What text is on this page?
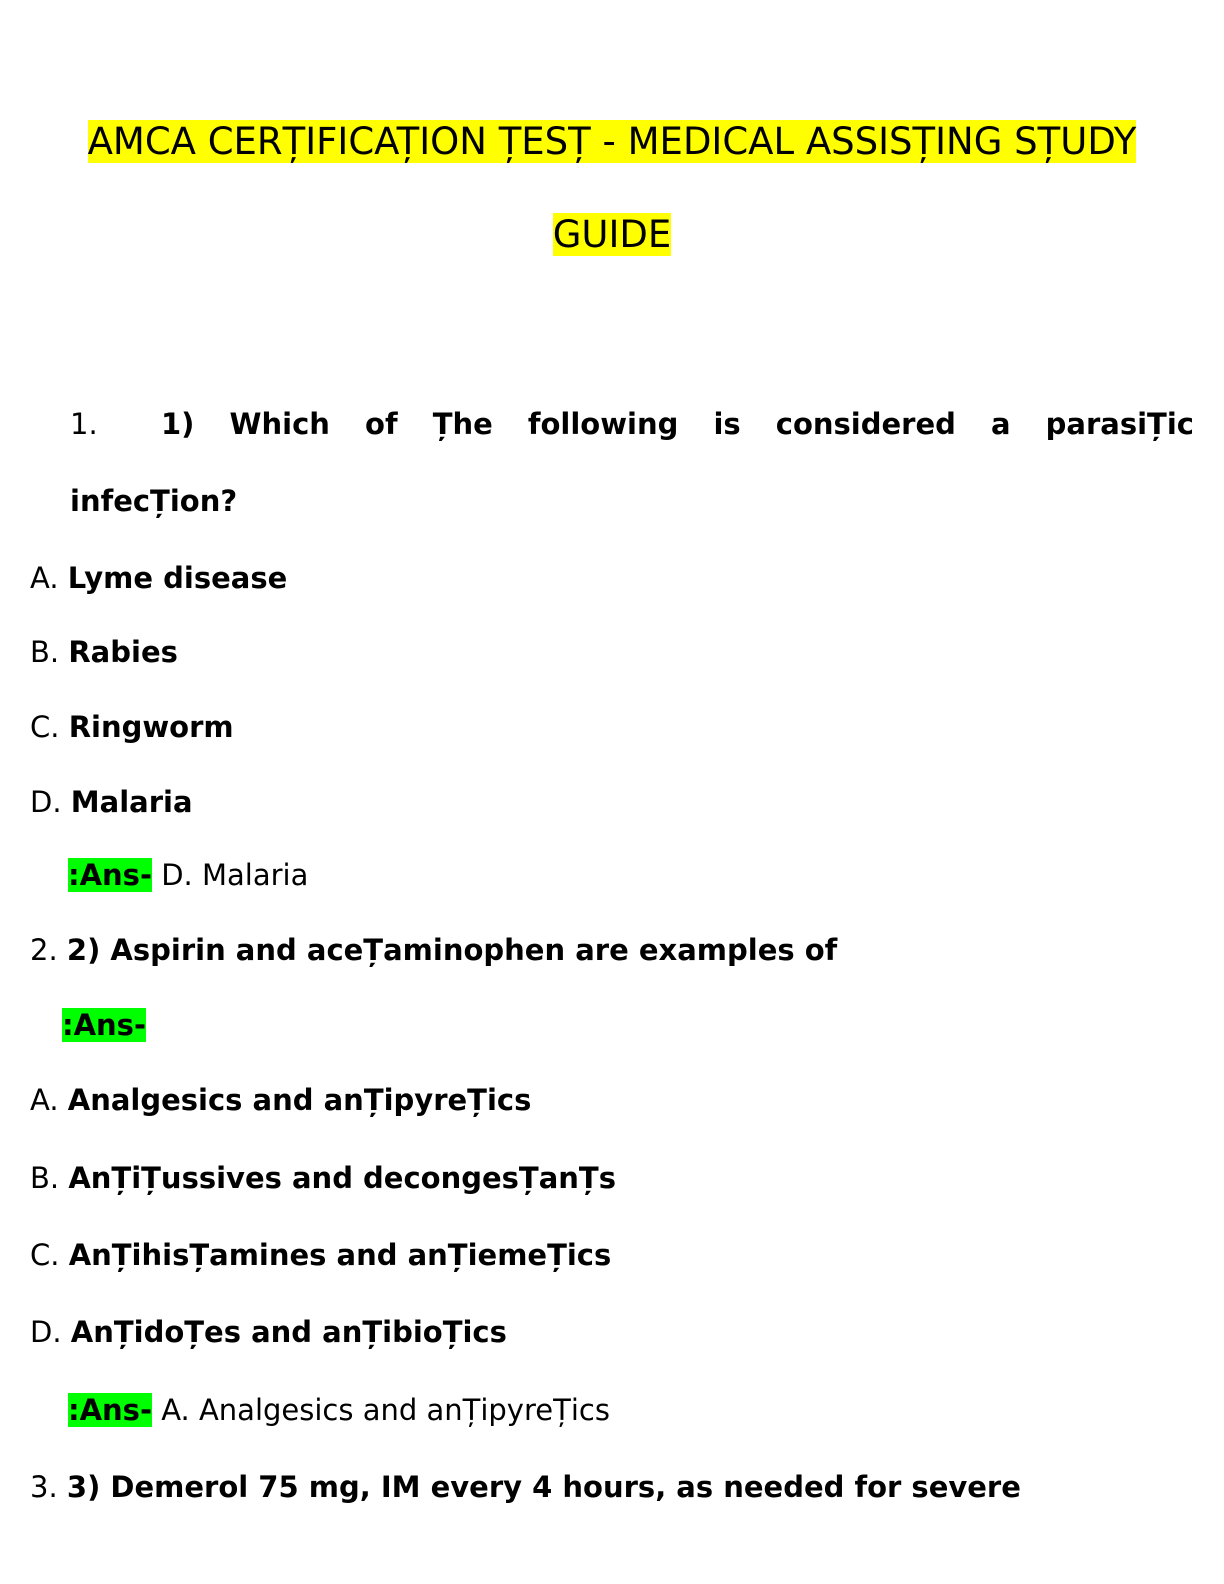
AMCA CERȚIFICAȚION ȚESȚ - MEDICAL ASSISȚING SȚUDY
GUIDE
1. 1) Which of Țhe following is considered a parasiȚic
infecȚion?
A. Lyme disease
B. Rabies
C. Ringworm
D. Malaria
:Ans- D. Malaria
2. 2) Aspirin and aceȚaminophen are examples of
:Ans-
A. Analgesics and anȚipyreȚics
B. AnȚiȚussives and decongesȚanȚs
C. AnȚihisȚamines and anȚiemeȚics
D. AnȚidoȚes and anȚibioȚics
:Ans- A. Analgesics and anȚipyreȚics
3. 3) Demerol 75 mg, IM every 4 hours, as needed for severe
